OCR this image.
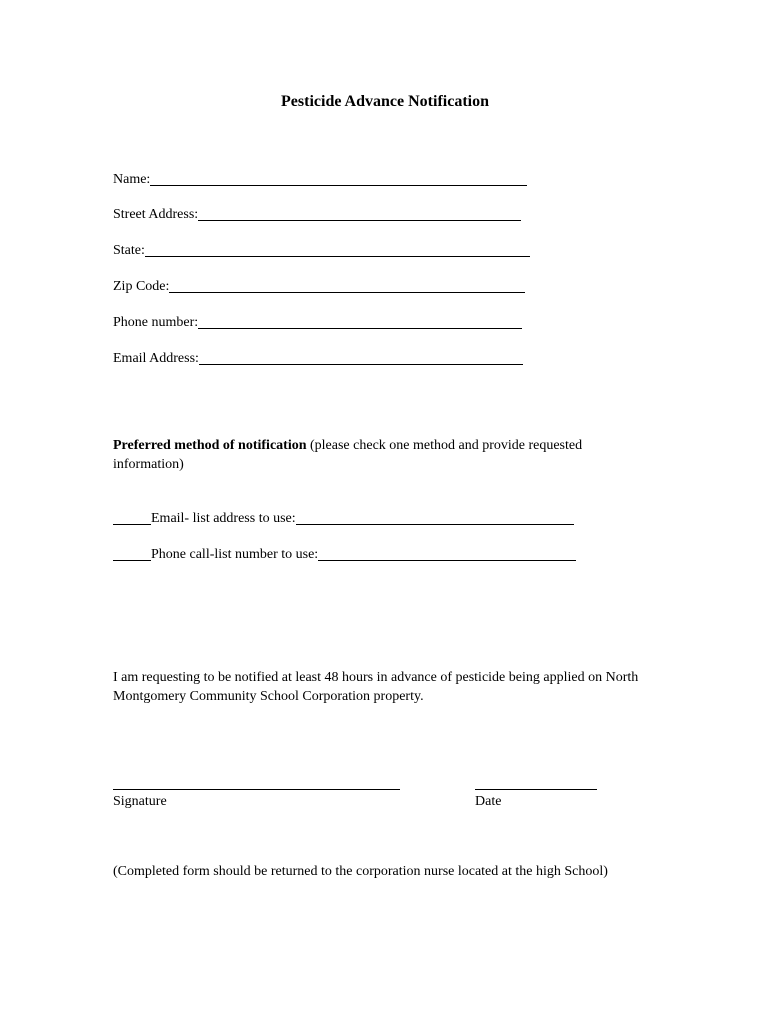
Pesticide Advance Notification
Name:
Street Address:
State:
Zip Code:
Phone number:
Email Address:
Preferred method of notification (please check one method and provide requested information)
Email- list address to use:
Phone call-list number to use:
I am requesting to be notified at least 48 hours in advance of pesticide being applied on North Montgomery Community School Corporation property.
Signature	Date
(Completed form should be returned to the corporation nurse located at the high School)
